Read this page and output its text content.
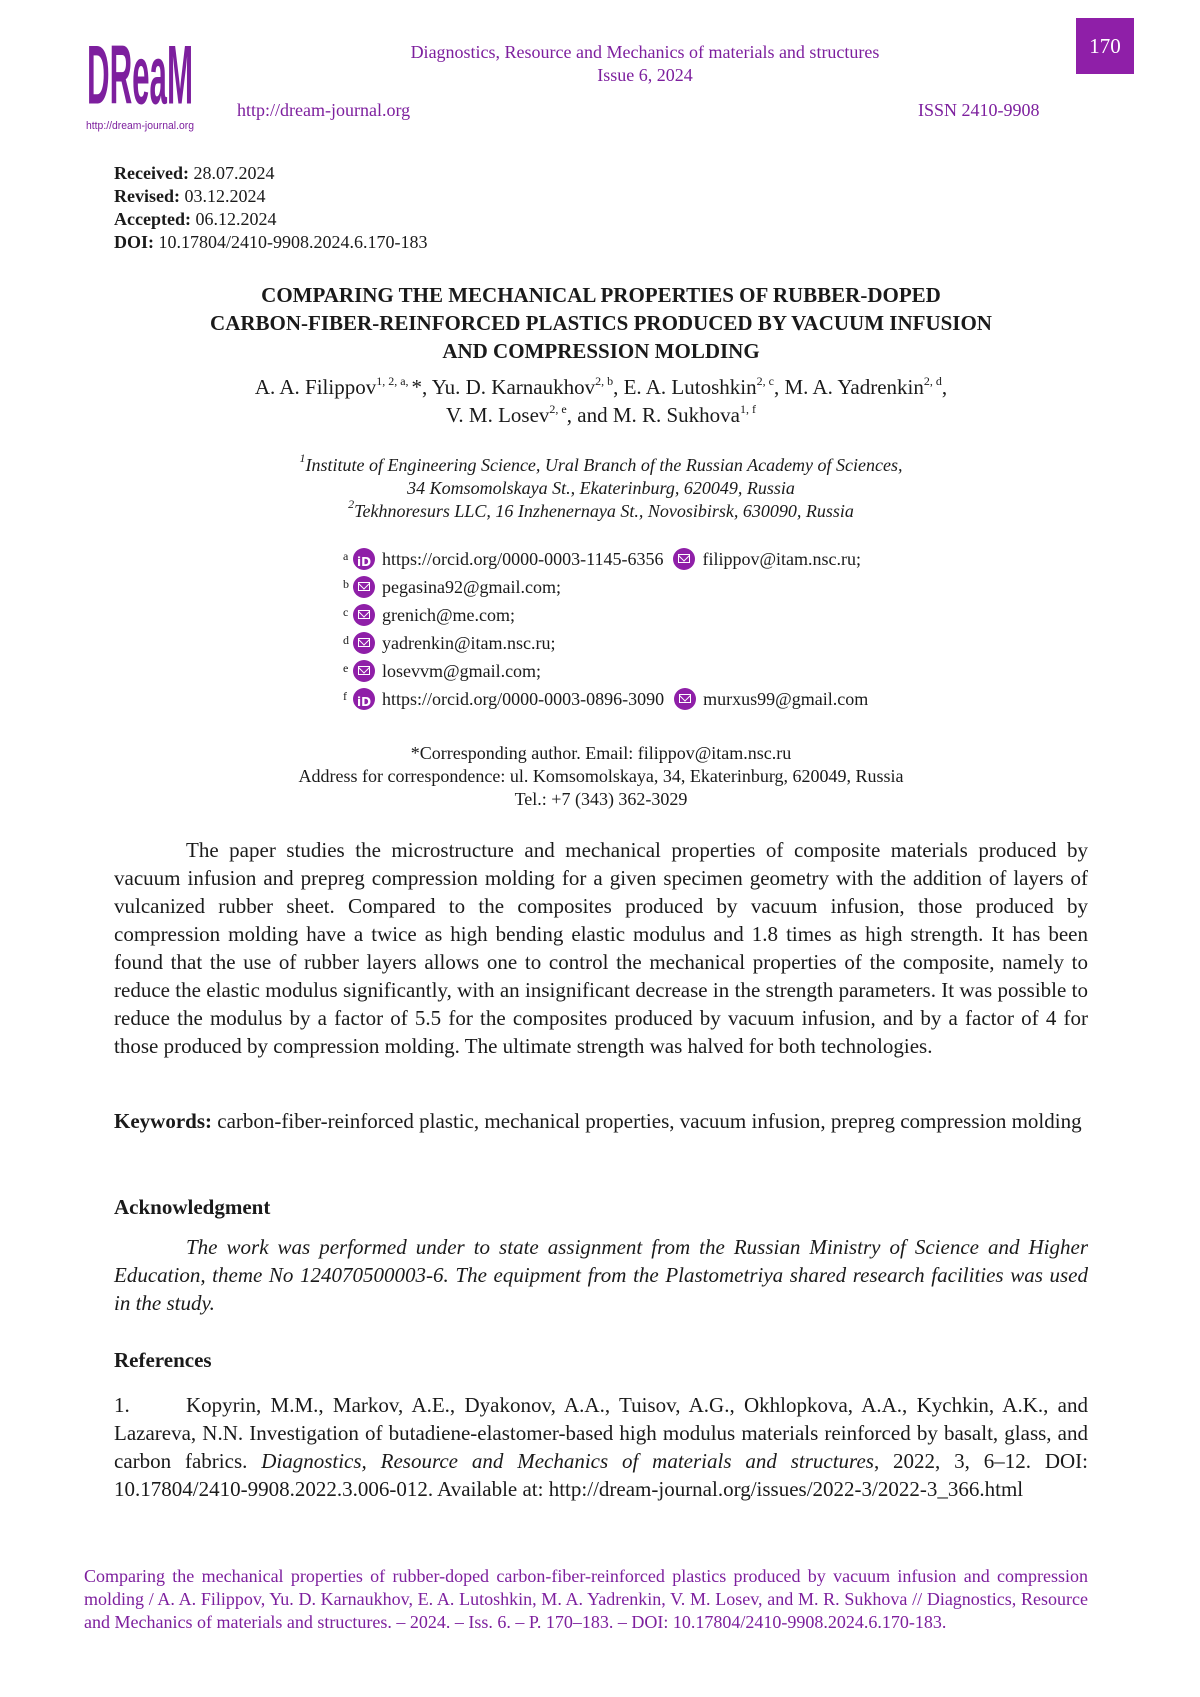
DReaM
http://dream-journal.org
Diagnostics, Resource and Mechanics of materials and structures
Issue 6, 2024
170
http://dream-journal.org	ISSN 2410-9908
Received: 28.07.2024
Revised: 03.12.2024
Accepted: 06.12.2024
DOI: 10.17804/2410-9908.2024.6.170-183
COMPARING THE MECHANICAL PROPERTIES OF RUBBER-DOPED
CARBON-FIBER-REINFORCED PLASTICS PRODUCED BY VACUUM INFUSION
AND COMPRESSION MOLDING
A. A. Filippov$^{1, 2, a,}$ *, Yu. D. Karnaukhov$^{2, b}$, E. A. Lutoshkin$^{2, c}$, M. A. Yadrenkin$^{2, d}$,
V. M. Losev$^{2, e}$, and M. R. Sukhova$^{1, f}$
$^1$Institute of Engineering Science, Ural Branch of the Russian Academy of Sciences,
34 Komsomolskaya St., Ekaterinburg, 620049, Russia
$^2$Tekhnoresurs LLC, 16 Inzhenernaya St., Novosibirsk, 630090, Russia
a iD https://orcid.org/0000-0003-1145-6356 filippov@itam.nsc.ru;
b pegasina92@gmail.com;
c grenich@me.com;
d yadrenkin@itam.nsc.ru;
e losevvm@gmail.com;
f iD	https://orcid.org/0000-0003-0896-3090 murxus99@gmail.com
*Corresponding author. Email: filippov@itam.nsc.ru
Address for correspondence: ul. Komsomolskaya, 34, Ekaterinburg, 620049, Russia
Tel.: +7 (343) 362-3029
The paper studies the microstructure and mechanical properties of composite materials produced by vacuum infusion and prepreg compression molding for a given specimen geometry with the addition of layers of vulcanized rubber sheet. Compared to the composites produced by vacuum infusion, those produced by compression molding have a twice as high bending elastic modulus and 1.8 times as high strength. It has been found that the use of rubber layers allows one to control the mechanical properties of the composite, namely to reduce the elastic modulus significantly, with an insignificant decrease in the strength parameters. It was possible to reduce the modulus by a factor of 5.5 for the composites produced by vacuum infusion, and by a factor of 4 for those produced by compression molding. The ultimate strength was halved for both technologies.
Keywords: carbon-fiber-reinforced plastic, mechanical properties, vacuum infusion, prepreg compression molding
Acknowledgment
The work was performed under to state assignment from the Russian Ministry of Science and Higher Education, theme No 124070500003-6. The equipment from the Plastometriya shared research facilities was used in the study.
References
1.	Kopyrin, M.M., Markov, A.E., Dyakonov, A.A., Tuisov, A.G., Okhlopkova, A.A., Kychkin, A.K., and Lazareva, N.N. Investigation of butadiene-elastomer-based high modulus materials reinforced by basalt, glass, and carbon fabrics. Diagnostics, Resource and Mechanics of materials and structures, 2022, 3, 6–12. DOI: 10.17804/2410-9908.2022.3.006-012. Available at: http://dream-journal.org/issues/2022-3/2022-3_366.html
Comparing the mechanical properties of rubber-doped carbon-fiber-reinforced plastics produced by vacuum infusion and compression molding / A. A. Filippov, Yu. D. Karnaukhov, E. A. Lutoshkin, M. A. Yadrenkin, V. M. Losev, and M. R. Sukhova // Diagnostics, Resource and Mechanics of materials and structures. – 2024. – Iss. 6. – P. 170–183. – DOI: 10.17804/2410-9908.2024.6.170-183.
